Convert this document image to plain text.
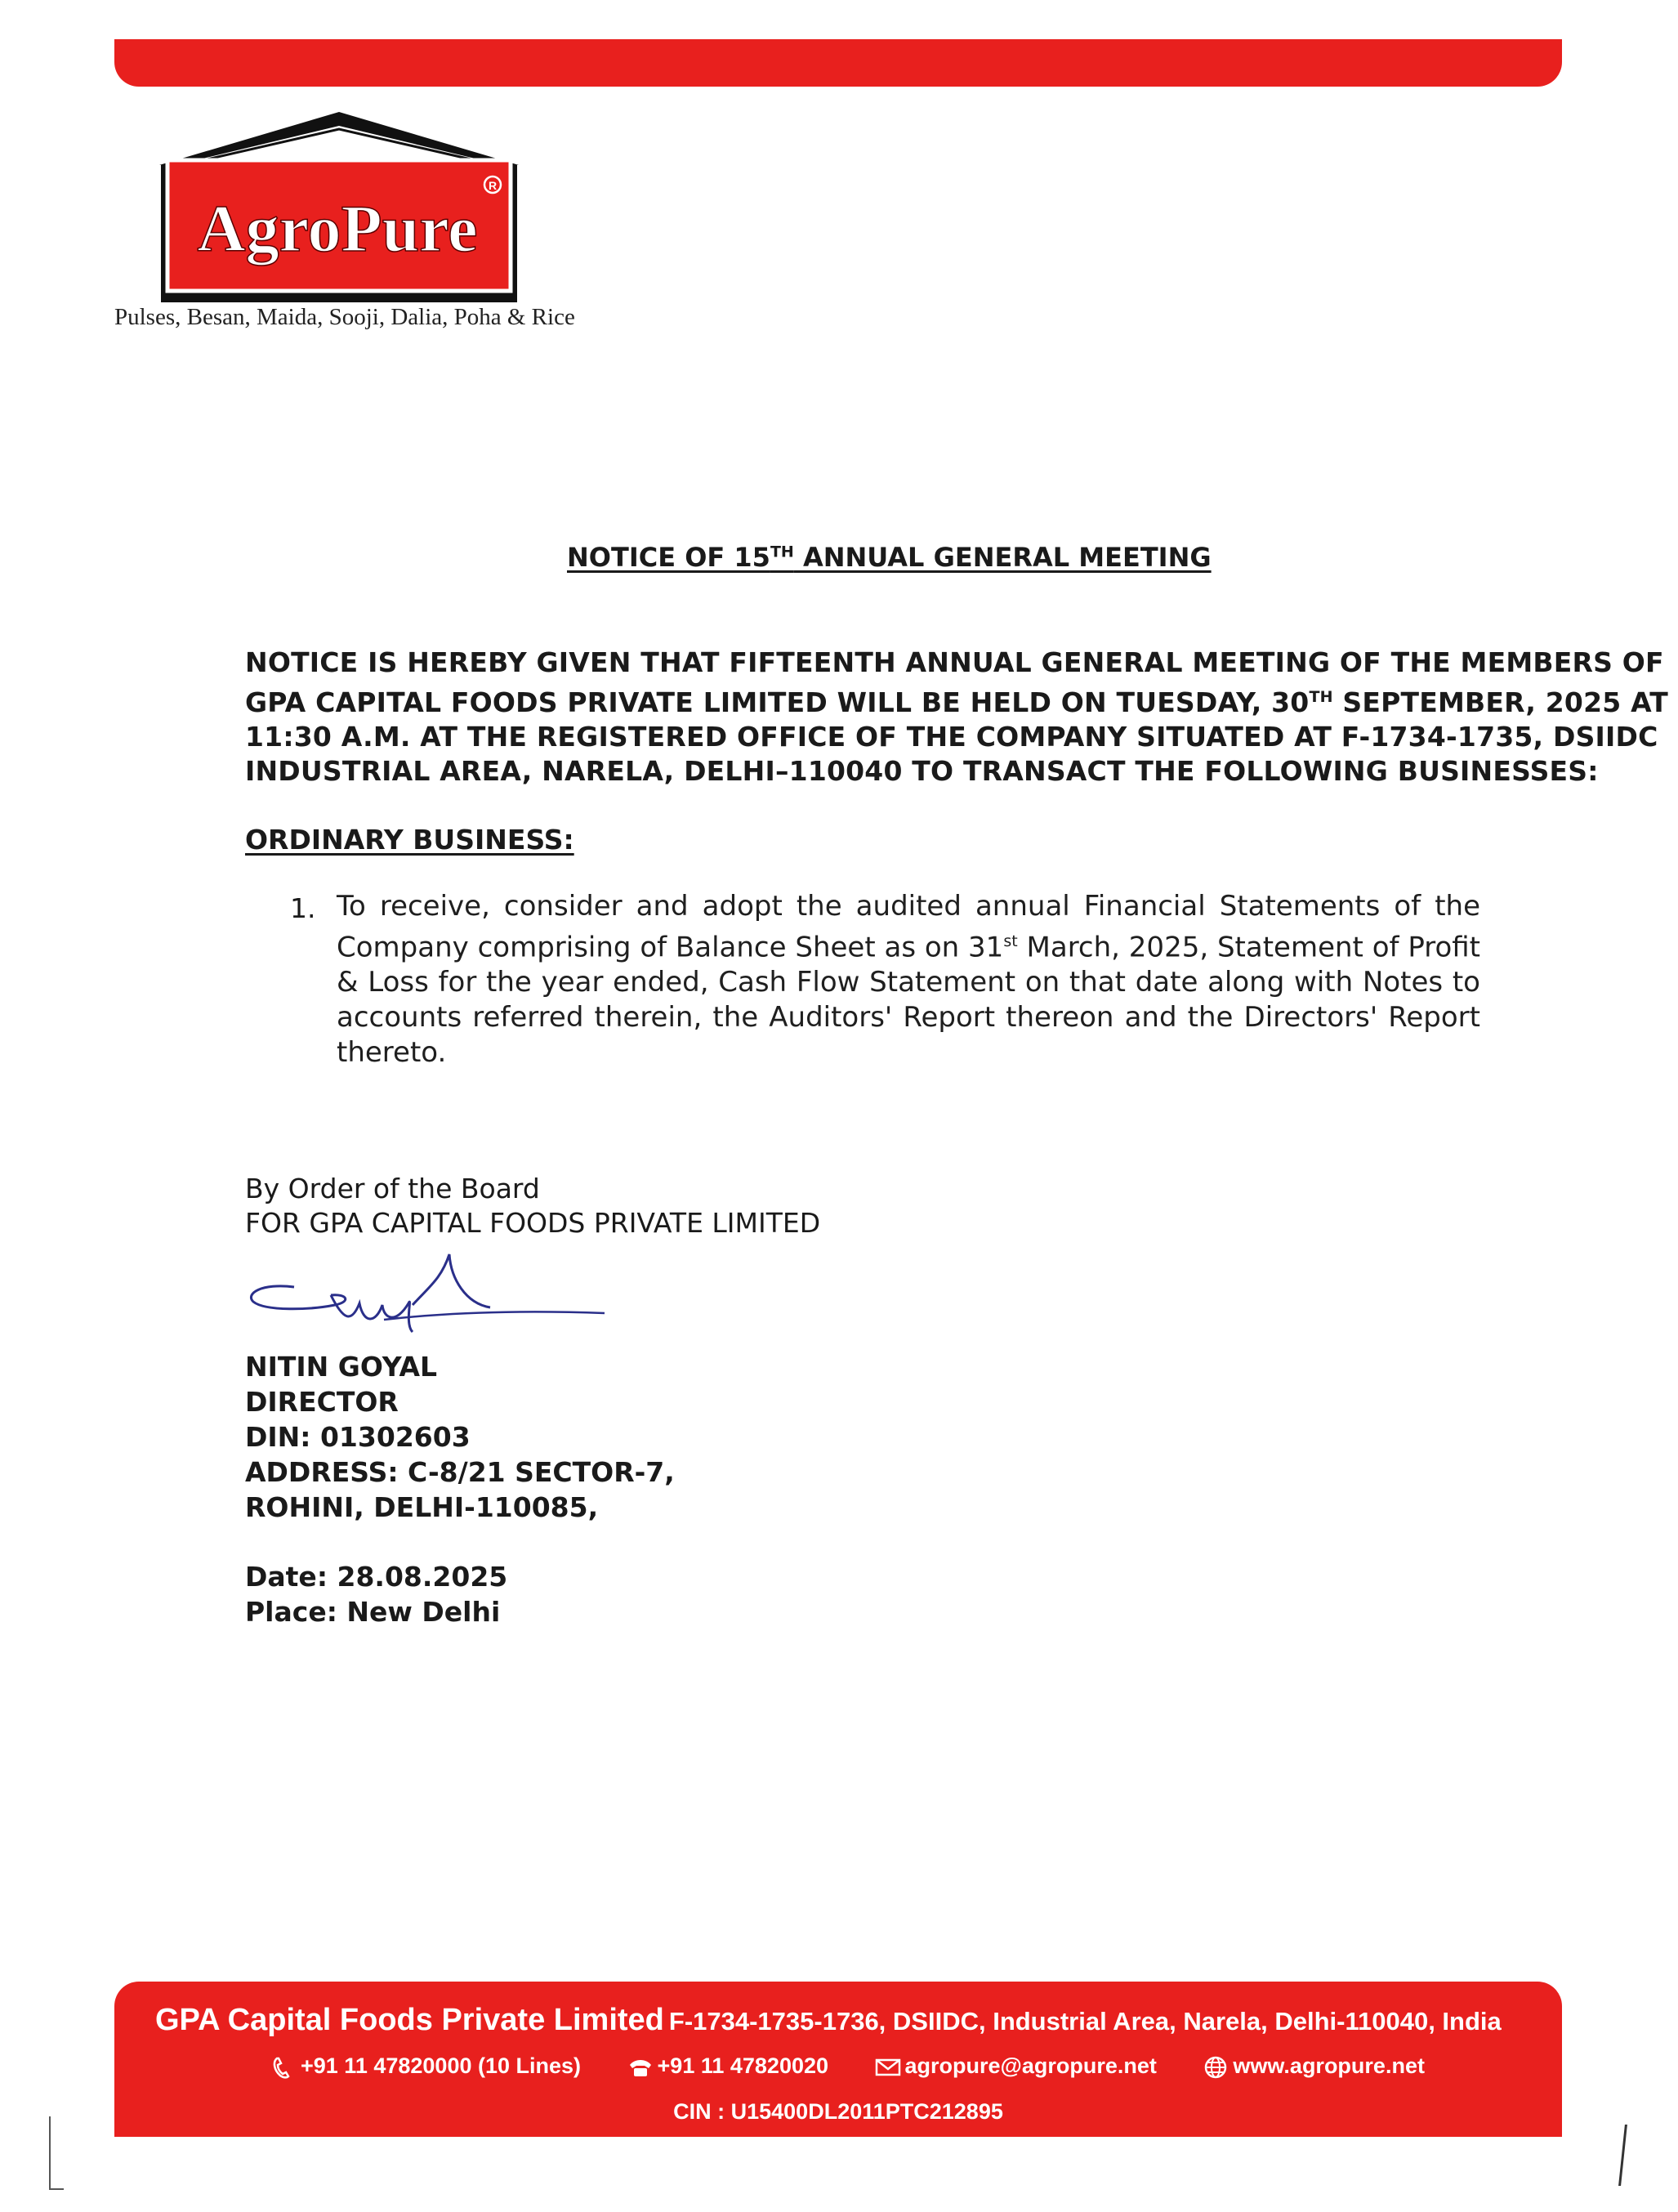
AgroPure
R
Pulses, Besan, Maida, Sooji, Dalia, Poha & Rice
NOTICE OF 15TH ANNUAL GENERAL MEETING
NOTICE IS HEREBY GIVEN THAT FIFTEENTH ANNUAL GENERAL MEETING OF THE MEMBERS OF
GPA CAPITAL FOODS PRIVATE LIMITED WILL BE HELD ON TUESDAY, 30TH SEPTEMBER, 2025 AT
11:30 A.M. AT THE REGISTERED OFFICE OF THE COMPANY SITUATED AT F-1734-1735, DSIIDC
INDUSTRIAL AREA, NARELA, DELHI–110040 TO TRANSACT THE FOLLOWING BUSINESSES:
ORDINARY BUSINESS:
1. To receive, consider and adopt the audited annual Financial Statements of the
Company comprising of Balance Sheet as on 31st March, 2025, Statement of Profit
& Loss for the year ended, Cash Flow Statement on that date along with Notes to
accounts referred therein, the Auditors' Report thereon and the Directors' Report
thereto.
By Order of the Board
FOR GPA CAPITAL FOODS PRIVATE LIMITED
NITIN GOYAL
DIRECTOR
DIN: 01302603
ADDRESS: C-8/21 SECTOR-7,
ROHINI, DELHI-110085,
Date: 28.08.2025
Place: New Delhi
GPA Capital Foods Private Limited F-1734-1735-1736, DSIIDC, Industrial Area, Narela, Delhi-110040, India
+91 11 47820000 (10 Lines)	+91 11 47820020	agropure@agropure.net	www.agropure.net
CIN : U15400DL2011PTC212895
